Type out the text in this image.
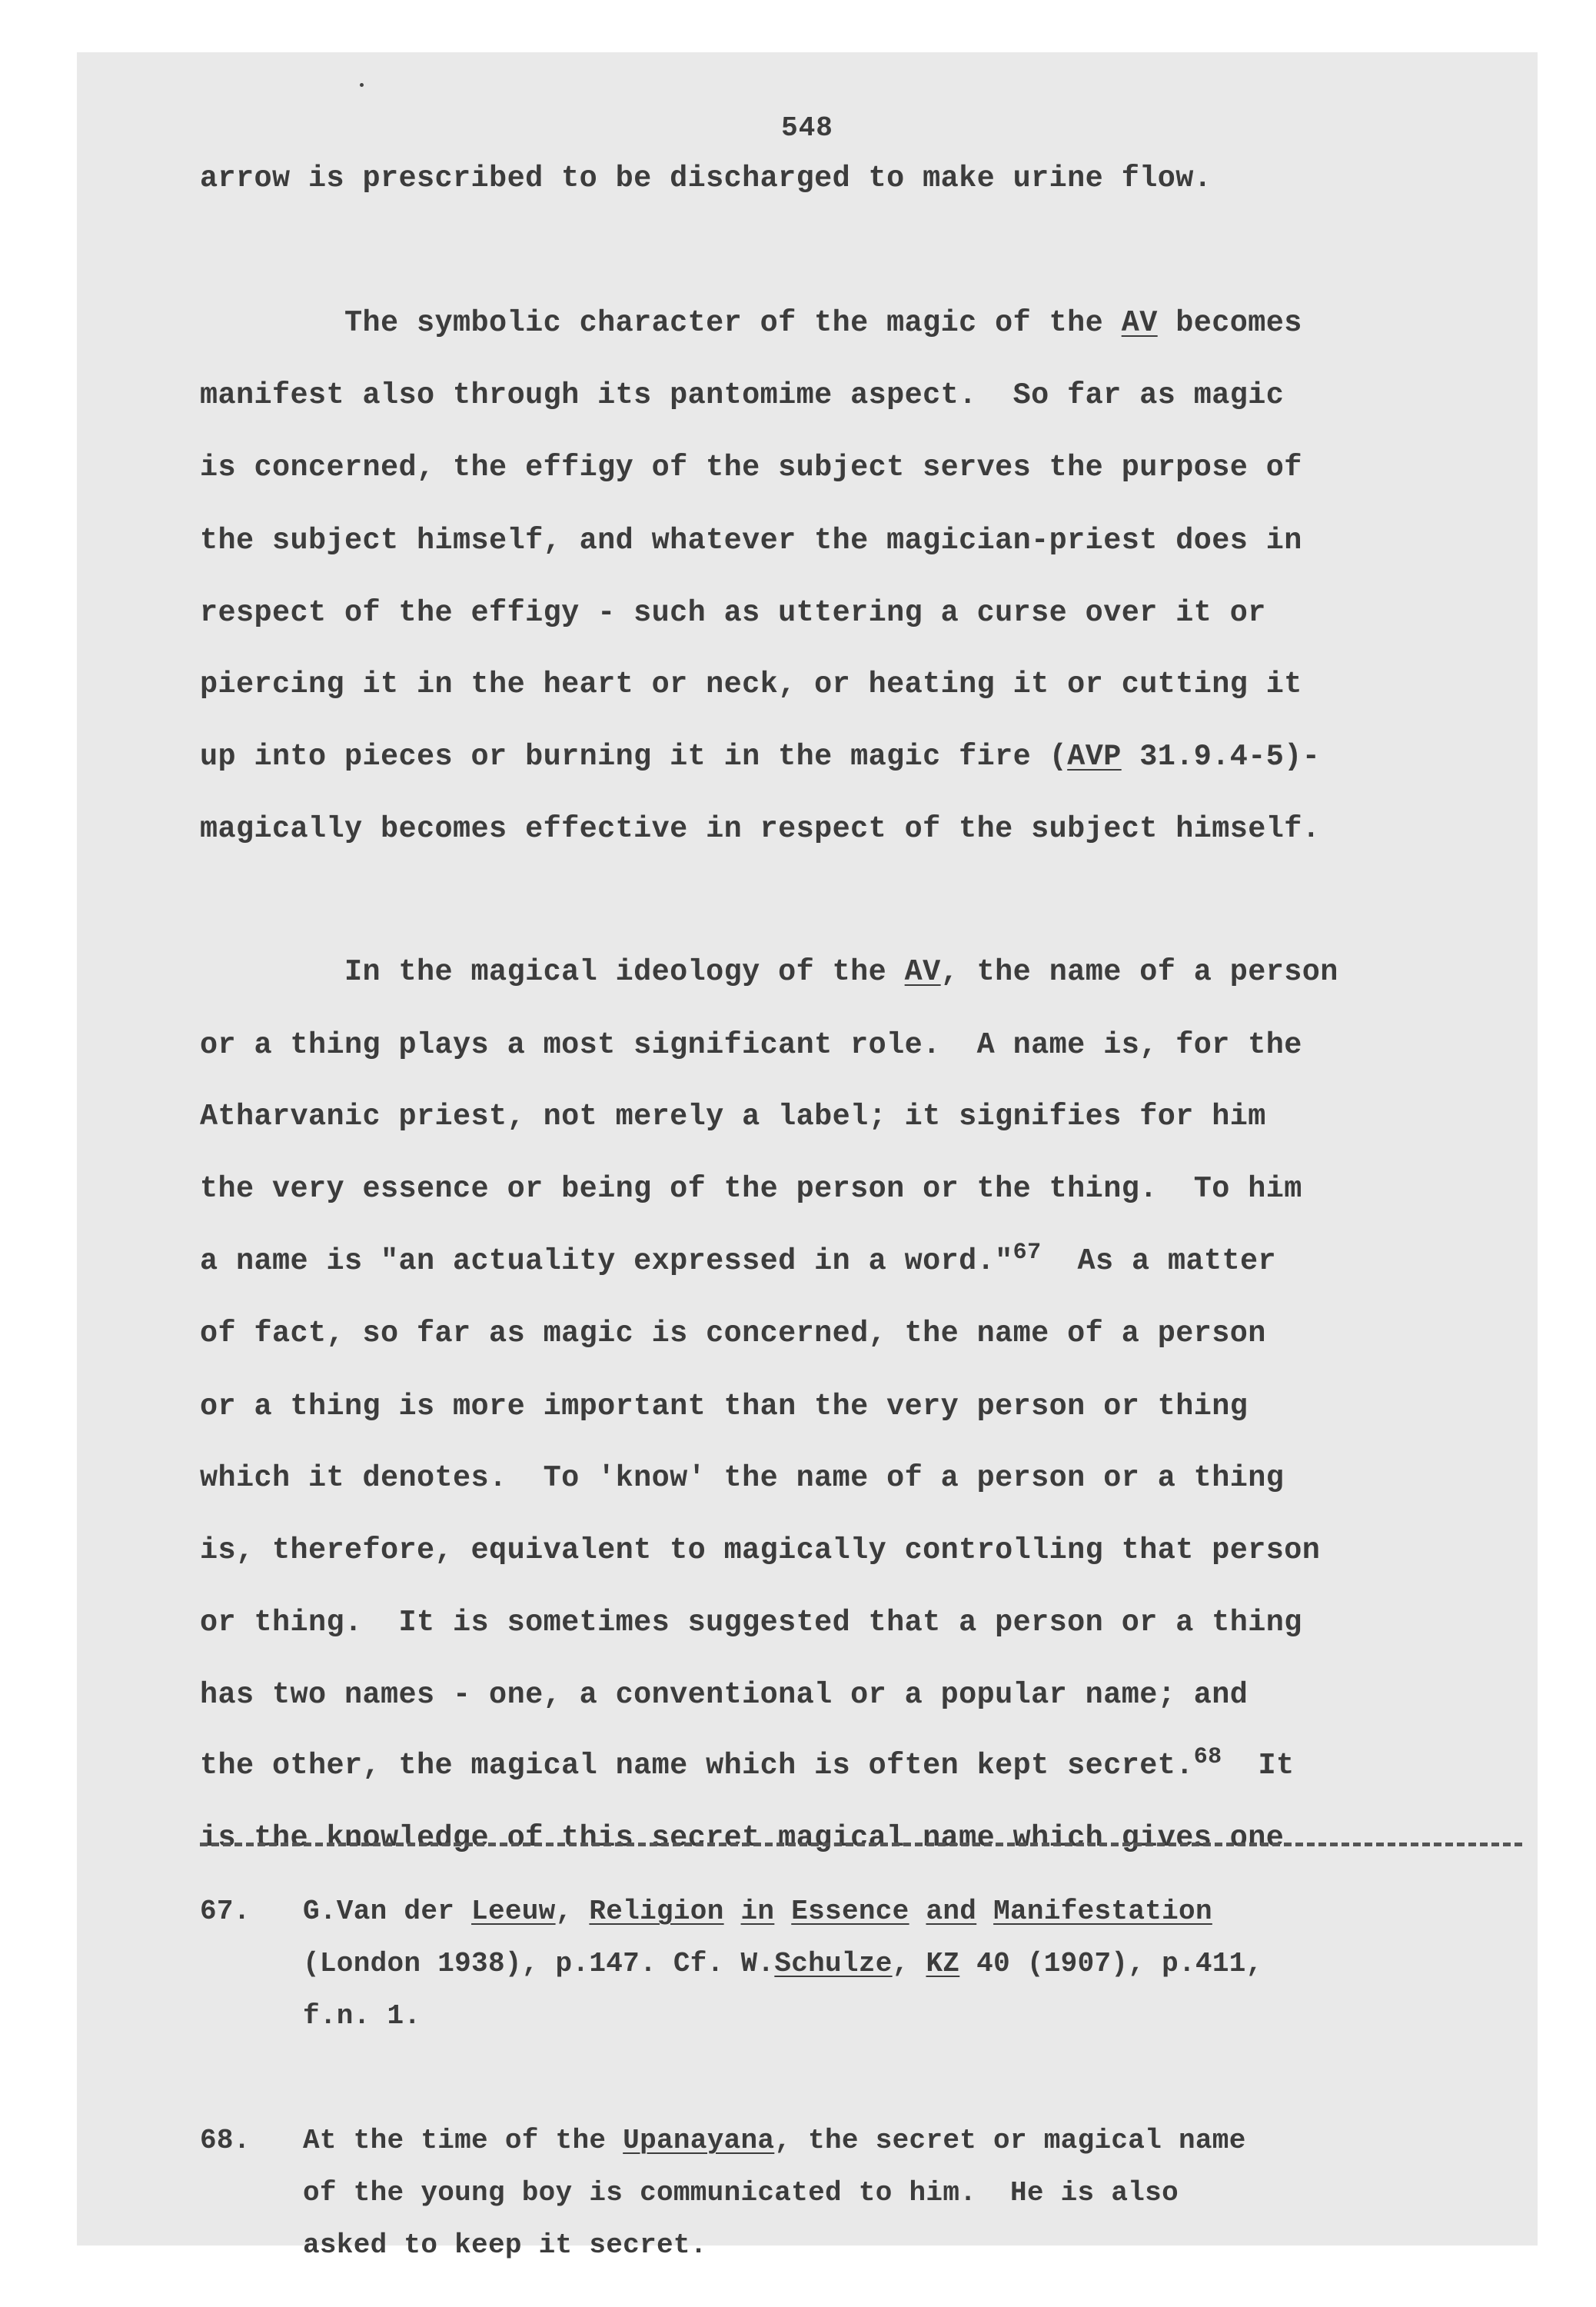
548
arrow is prescribed to be discharged to make urine flow.
The symbolic character of the magic of the AV becomes
manifest also through its pantomime aspect.  So far as magic
is concerned, the effigy of the subject serves the purpose of
the subject himself, and whatever the magician-priest does in
respect of the effigy - such as uttering a curse over it or
piercing it in the heart or neck, or heating it or cutting it
up into pieces or burning it in the magic fire (AVP 31.9.4-5)-
magically becomes effective in respect of the subject himself.
In the magical ideology of the AV, the name of a person
or a thing plays a most significant role.  A name is, for the
Atharvanic priest, not merely a label; it signifies for him
the very essence or being of the person or the thing.  To him
a name is "an actuality expressed in a word."$^{67}$  As a matter
of fact, so far as magic is concerned, the name of a person
or a thing is more important than the very person or thing
which it denotes.  To 'know' the name of a person or a thing
is, therefore, equivalent to magically controlling that person
or thing.  It is sometimes suggested that a person or a thing
has two names - one, a conventional or a popular name; and
the other, the magical name which is often kept secret.$^{68}$  It
is the knowledge of this secret magical name which gives one
67. G.Van der Leeuw, Religion in Essence and Manifestation
(London 1938), p.147. Cf. W.Schulze, KZ 40 (1907), p.411,
f.n. 1.
68. At the time of the Upanayana, the secret or magical name
of the young boy is communicated to him.  He is also
asked to keep it secret.
